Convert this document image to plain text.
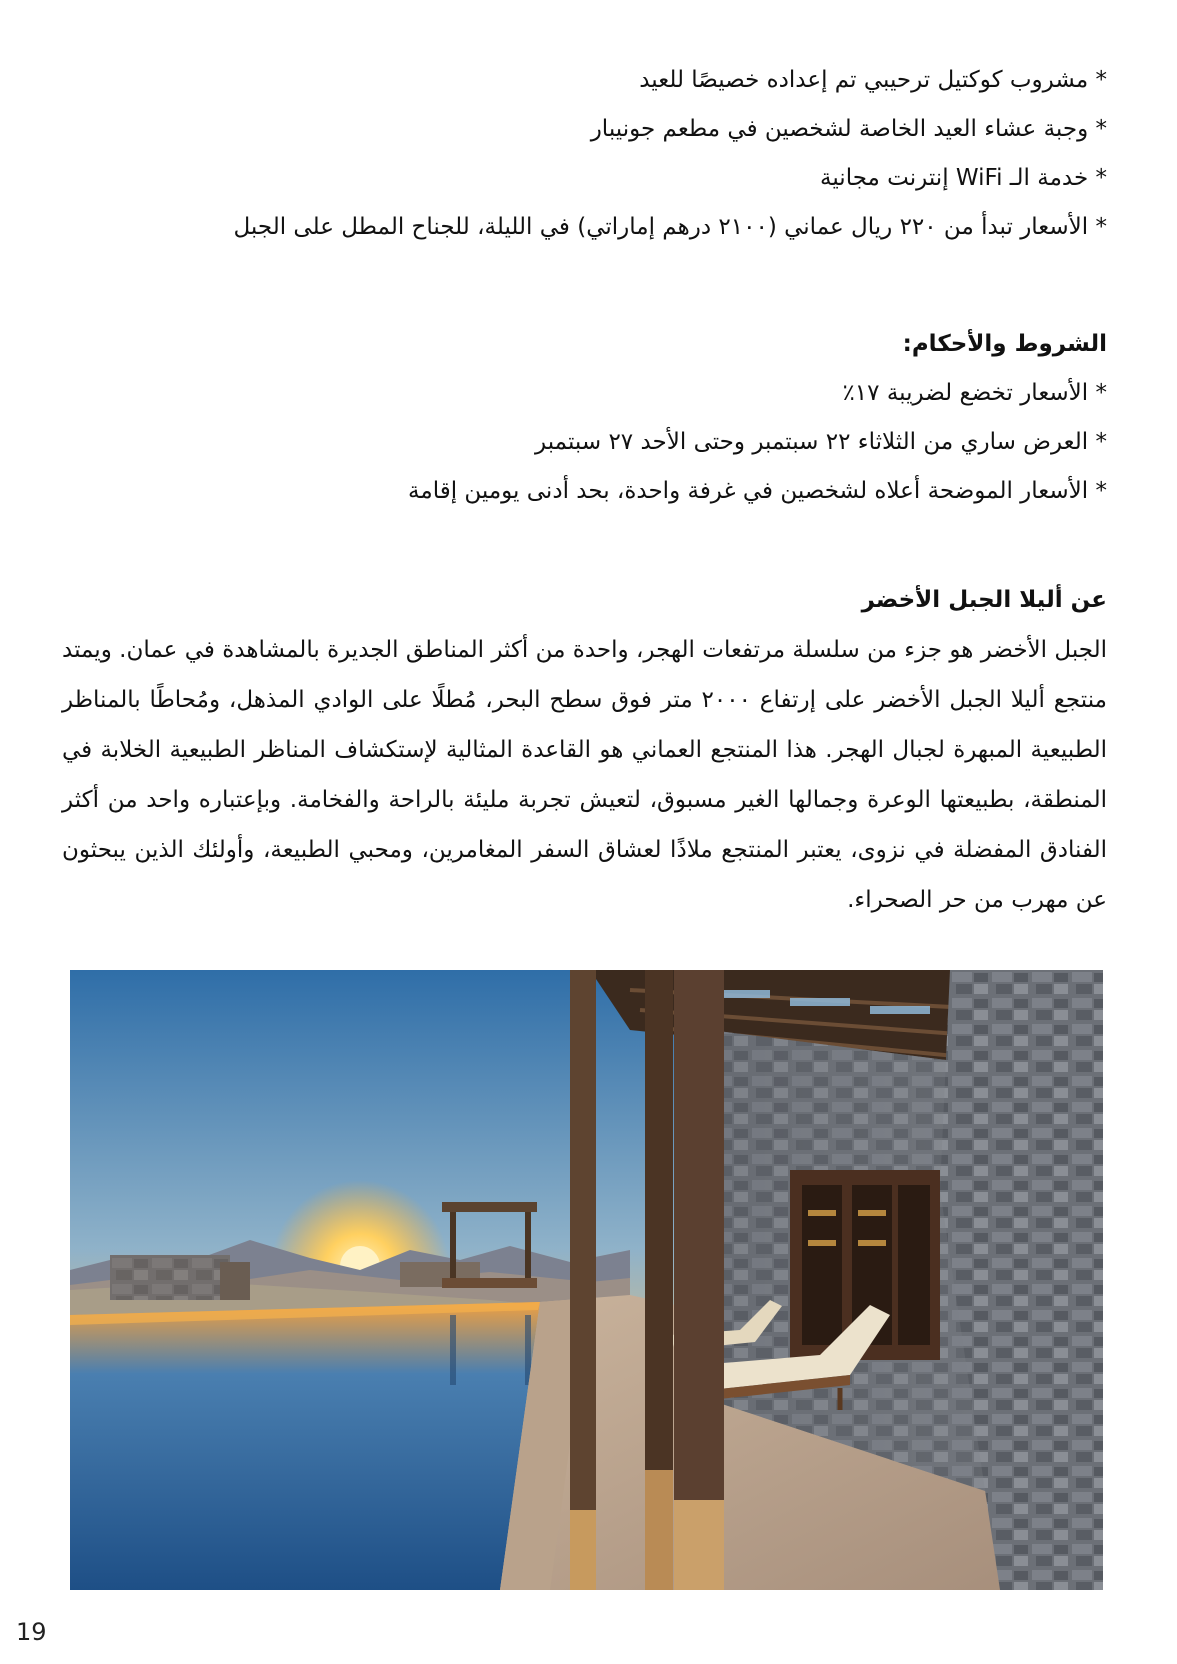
* مشروب كوكتيل ترحيبي تم إعداده خصيصًا للعيد
* وجبة عشاء العيد الخاصة لشخصين في مطعم جونيبار
* خدمة الـ WiFi إنترنت مجانية
* الأسعار تبدأ من ٢٢٠ ريال عماني (٢١٠٠ درهم إماراتي) في الليلة، للجناح المطل على الجبل
الشروط والأحكام:
* الأسعار تخضع لضريبة ١٧٪
* العرض ساري من الثلاثاء ٢٢ سبتمبر وحتى الأحد ٢٧ سبتمبر
* الأسعار الموضحة أعلاه لشخصين في غرفة واحدة، بحد أدنى يومين إقامة
عن أليلا الجبل الأخضر
الجبل الأخضر هو جزء من سلسلة مرتفعات الهجر، واحدة من أكثر المناطق الجديرة بالمشاهدة في عمان. ويمتد منتجع أليلا الجبل الأخضر على إرتفاع ٢٠٠٠ متر فوق سطح البحر، مُطلًا على الوادي المذهل، ومُحاطًا بالمناظر الطبيعية المبهرة لجبال الهجر. هذا المنتجع العماني هو القاعدة المثالية لإستكشاف المناظر الطبيعية الخلابة في المنطقة، بطبيعتها الوعرة وجمالها الغير مسبوق، لتعيش تجربة مليئة بالراحة والفخامة. وبإعتباره واحد من أكثر الفنادق المفضلة في نزوى، يعتبر المنتجع ملاذًا لعشاق السفر المغامرين، ومحبي الطبيعة، وأولئك الذين يبحثون عن مهرب من حر الصحراء.
19
